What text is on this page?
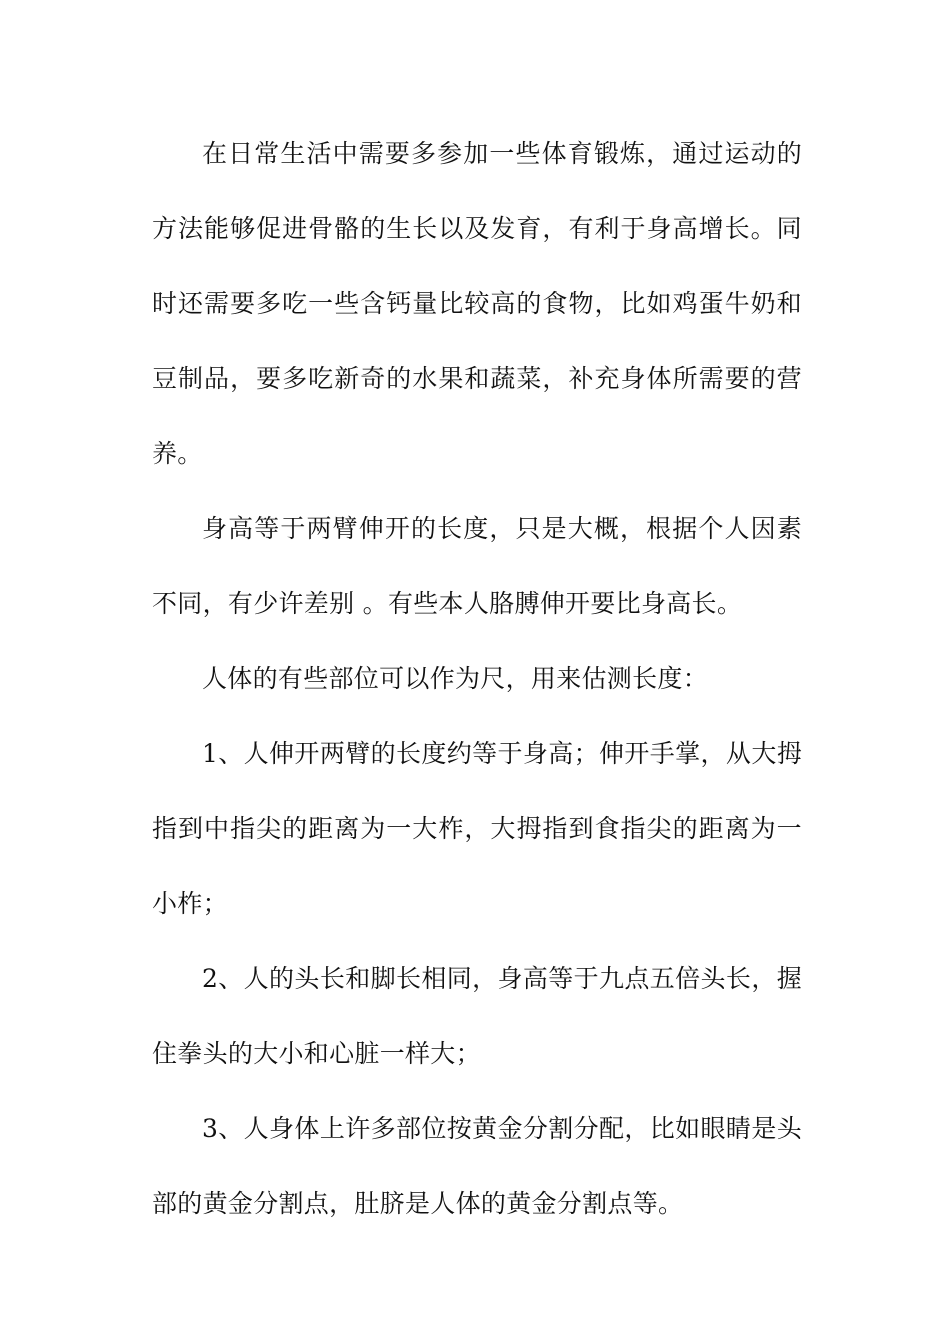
在日常生活中需要多参加一些体育锻炼，通过运动的方法能够促进骨骼的生长以及发育，有利于身高增长。同时还需要多吃一些含钙量比较高的食物，比如鸡蛋牛奶和豆制品，要多吃新奇的水果和蔬菜，补充身体所需要的营养。

身高等于两臂伸开的长度，只是大概，根据个人因素不同，有少许差别 。有些本人胳膊伸开要比身高长。

人体的有些部位可以作为尺，用来估测长度：

1、人伸开两臂的长度约等于身高；伸开手掌，从大拇指到中指尖的距离为一大柞，大拇指到食指尖的距离为一小柞；

2、人的头长和脚长相同，身高等于九点五倍头长，握住拳头的大小和心脏一样大；

3、人身体上许多部位按黄金分割分配，比如眼睛是头部的黄金分割点，肚脐是人体的黄金分割点等。
